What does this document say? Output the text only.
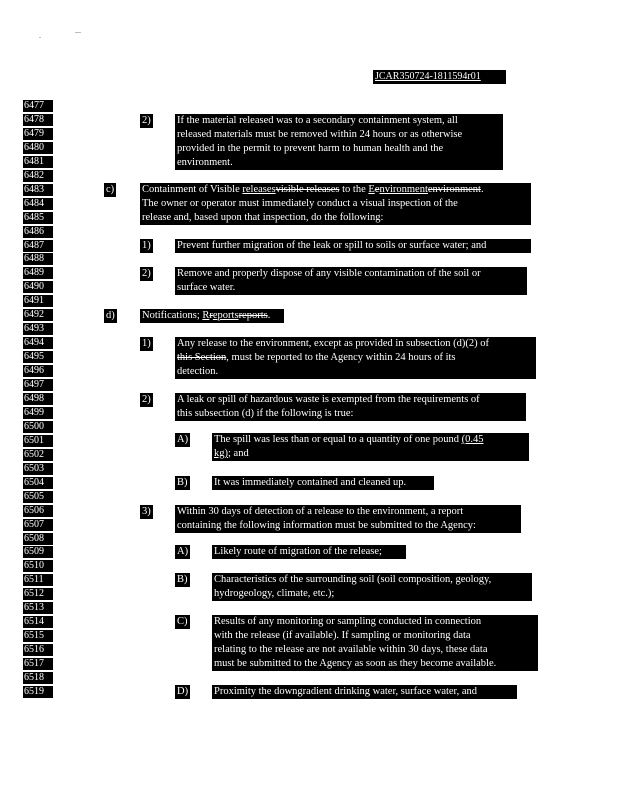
JCAR350724-1811594r01
6477
6478
6479
6480
6481
6482
6483
6484
6485
6486
6487
6488
6489
6490
6491
6492
6493
6494
6495
6496
6497
6498
6499
6500
6501
6502
6503
6504
6505
6506
6507
6508
6509
6510
6511
6512
6513
6514
6515
6516
6517
6518
6519
2)	If the material released was to a secondary containment system, all
released materials must be removed within 24 hours or as otherwise
provided in the permit to prevent harm to human health and the
environment.
c)	Containment of Visible releasesvisible releases to the Eenvironmentenvironment.
The owner or operator must immediately conduct a visual inspection of the
release and, based upon that inspection, do the following:
1)	Prevent further migration of the leak or spill to soils or surface water; and
2)	Remove and properly dispose of any visible contamination of the soil or
surface water.
d)	Notifications; Rreportsreports.
1)	Any release to the environment, except as provided in subsection (d)(2) of
this Section, must be reported to the Agency within 24 hours of its
detection.
2)	A leak or spill of hazardous waste is exempted from the requirements of
this subsection (d) if the following is true:
A) The spill was less than or equal to a quantity of one pound (0.45
kg); and
B)	It was immediately contained and cleaned up.
3)	Within 30 days of detection of a release to the environment, a report
containing the following information must be submitted to the Agency:
A) Likely route of migration of the release;
B)	Characteristics of the surrounding soil (soil composition, geology,
hydrogeology, climate, etc.);
C)	Results of any monitoring or sampling conducted in connection
with the release (if available). If sampling or monitoring data
relating to the release are not available within 30 days, these data
must be submitted to the Agency as soon as they become available.
D) Proximity the downgradient drinking water, surface water, and
